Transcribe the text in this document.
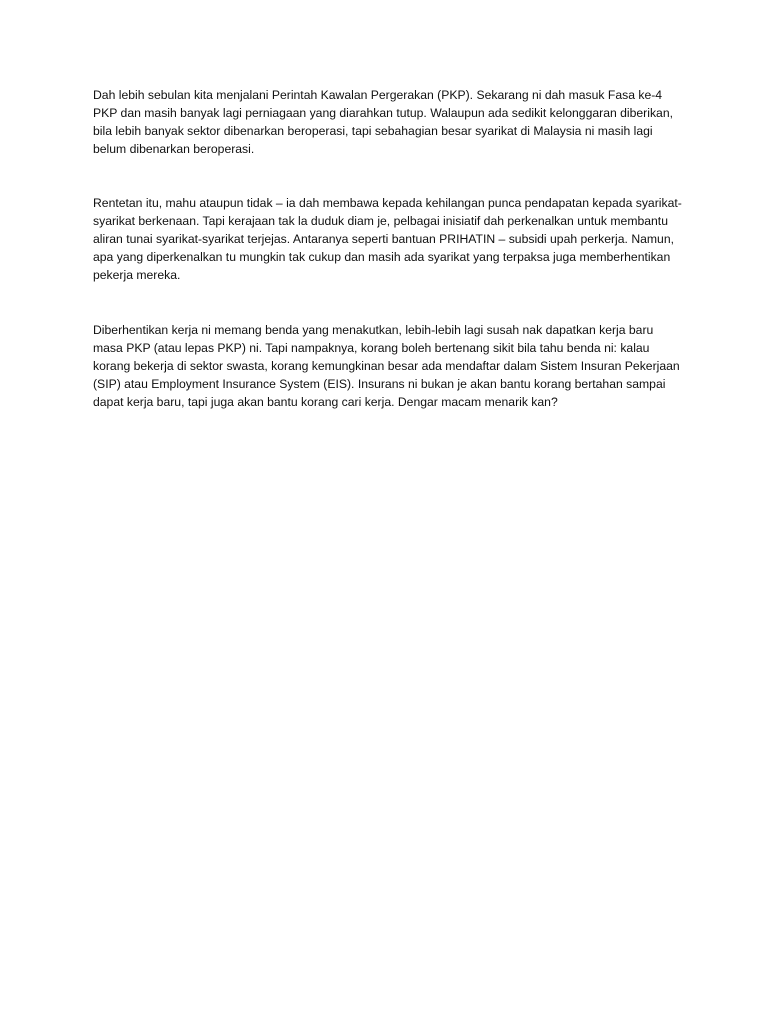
Dah lebih sebulan kita menjalani Perintah Kawalan Pergerakan (PKP). Sekarang ni dah masuk Fasa ke-4 PKP dan masih banyak lagi perniagaan yang diarahkan tutup. Walaupun ada sedikit kelonggaran diberikan, bila lebih banyak sektor dibenarkan beroperasi, tapi sebahagian besar syarikat di Malaysia ni masih lagi belum dibenarkan beroperasi.

Rentetan itu, mahu ataupun tidak – ia dah membawa kepada kehilangan punca pendapatan kepada syarikat-syarikat berkenaan. Tapi kerajaan tak la duduk diam je, pelbagai inisiatif dah perkenalkan untuk membantu aliran tunai syarikat-syarikat terjejas. Antaranya seperti bantuan PRIHATIN – subsidi upah perkerja. Namun, apa yang diperkenalkan tu mungkin tak cukup dan masih ada syarikat yang terpaksa juga memberhentikan pekerja mereka.

Diberhentikan kerja ni memang benda yang menakutkan, lebih-lebih lagi susah nak dapatkan kerja baru masa PKP (atau lepas PKP) ni. Tapi nampaknya, korang boleh bertenang sikit bila tahu benda ni: kalau korang bekerja di sektor swasta, korang kemungkinan besar ada mendaftar dalam Sistem Insuran Pekerjaan (SIP) atau Employment Insurance System (EIS). Insurans ni bukan je akan bantu korang bertahan sampai dapat kerja baru, tapi juga akan bantu korang cari kerja. Dengar macam menarik kan?
